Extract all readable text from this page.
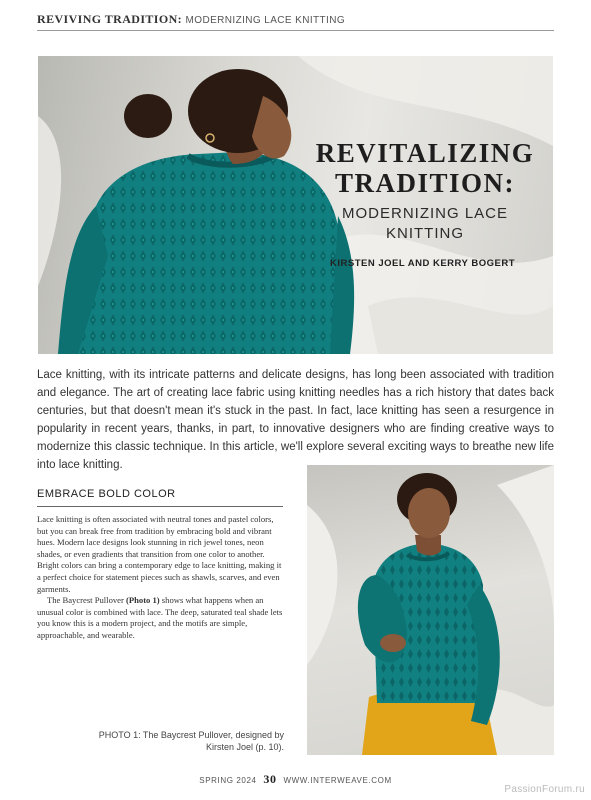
REVIVING TRADITION: MODERNIZING LACE KNITTING
REVITALIZING
TRADITION:
MODERNIZING LACE
KNITTING
KIRSTEN JOEL AND KERRY BOGERT
Lace knitting, with its intricate patterns and delicate designs, has long been associated with tradition and elegance. The art of creating lace fabric using knitting needles has a rich history that dates back centuries, but that doesn't mean it's stuck in the past. In fact, lace knitting has seen a resurgence in popularity in recent years, thanks, in part, to innovative designers who are finding creative ways to modernize this classic technique. In this article, we'll explore several exciting ways to breathe new life into lace knitting.
EMBRACE BOLD COLOR

Lace knitting is often associated with neutral tones and pastel colors, but you can break free from tradition by embracing bold and vibrant hues. Modern lace designs look stunning in rich jewel tones, neon shades, or even gradients that transition from one color to another. Bright colors can bring a contemporary edge to lace knitting, making it a perfect choice for statement pieces such as shawls, scarves, and even garments.

The Baycrest Pullover (Photo 1) shows what happens when an unusual color is combined with lace. The deep, saturated teal shade lets you know this is a modern project, and the motifs are simple, approachable, and wearable.

PHOTO 1: The Baycrest Pullover, designed by Kirsten Joel (p. 10).
SPRING 2024 30 WWW.INTERWEAVE.COM
PassionForum.ru
